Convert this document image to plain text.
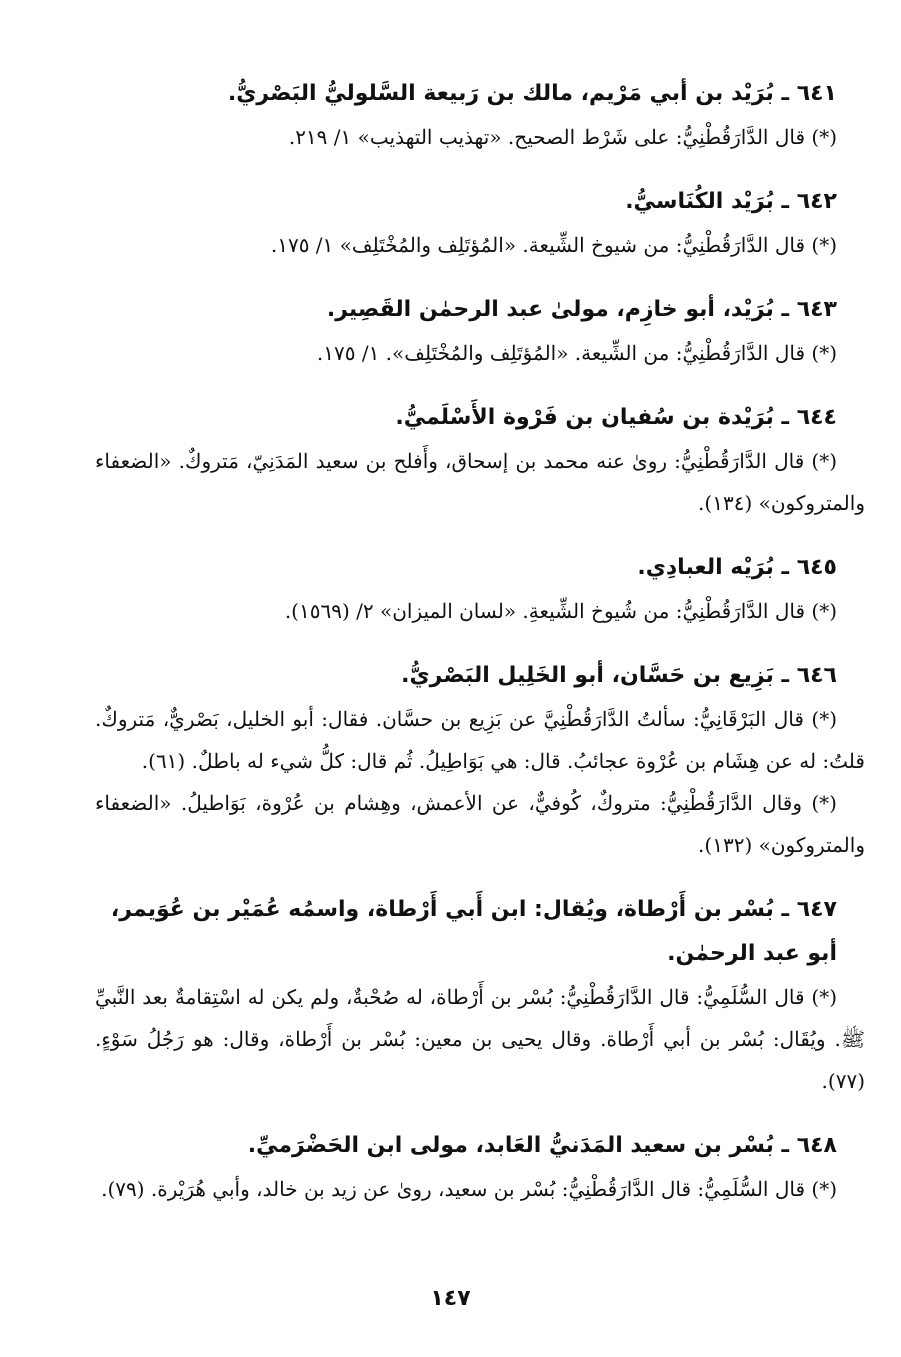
٦٤١ ـ بُرَيْد بن أبي مَرْيم، مالك بن رَبيعة السَّلوليُّ البَصْريُّ.
(*) قال الدَّارَقُطْنِيُّ: على شَرْط الصحيح. «تهذيب التهذيب» ١/ ٢١٩.
٦٤٢ ـ بُرَيْد الكُنَاسيُّ.
(*) قال الدَّارَقُطْنِيُّ: من شيوخ الشِّيعة. «المُؤتَلِف والمُخْتَلِف» ١/ ١٧٥.
٦٤٣ ـ بُرَيْد، أبو خازِم، مولىٰ عبد الرحمٰن القَصِير.
(*) قال الدَّارَقُطْنِيُّ: من الشِّيعة. «المُؤتَلِف والمُخْتَلِف». ١/ ١٧٥.
٦٤٤ ـ بُرَيْدة بن سُفيان بن فَرْوة الأَسْلَميُّ.
(*) قال الدَّارَقُطْنِيُّ: روىٰ عنه محمد بن إسحاق، وأَفلح بن سعيد المَدَنِيّ، مَتروكٌ. «الضعفاء والمتروكون» (١٣٤).
٦٤٥ ـ بُرَيْه العبادِي.
(*) قال الدَّارَقُطْنِيُّ: من شُيوخ الشِّيعةِ. «لسان الميزان» ٢/ (١٥٦٩).
٦٤٦ ـ بَزِيع بن حَسَّان، أبو الخَلِيل البَصْريُّ.
(*) قال البَرْقَانِيُّ: سألتُ الدَّارَقُطْنِيَّ عن بَزِيع بن حسَّان. فقال: أبو الخليل، بَصْريٌّ، مَتروكٌ. قلتُ: له عن هِشَام بن عُرْوة عجائبُ. قال: هي بَوَاطِيلُ. ثُم قال: كلُّ شيء له باطلٌ. (٦١).
(*) وقال الدَّارَقُطْنِيُّ: متروكٌ، كُوفيٌّ، عن الأعمش، وهِشام بن عُرْوة، بَوَاطيلُ. «الضعفاء والمتروكون» (١٣٢).
٦٤٧ ـ بُسْر بن أَرْطاة، ويُقال: ابن أَبي أَرْطاة، واسمُه عُمَيْر بن عُوَيمر، أبو عبد الرحمٰن.
(*) قال السُّلَمِيُّ: قال الدَّارَقُطْنِيُّ: بُسْر بن أَرْطاة، له صُحْبةٌ، ولم يكن له اسْتِقامةٌ بعد النَّبيِّ ﷺ. ويُقَال: بُسْر بن أبي أَرْطاة. وقال يحيى بن معين: بُسْر بن أَرْطاة، وقال: هو رَجُلُ سَوْءٍ. (٧٧).
٦٤٨ ـ بُسْر بن سعيد المَدَنيُّ العَابد، مولى ابن الحَضْرَميِّ.
(*) قال السُّلَمِيُّ: قال الدَّارَقُطْنِيُّ: بُسْر بن سعيد، روىٰ عن زيد بن خالد، وأبي هُرَيْرة. (٧٩).
١٤٧
